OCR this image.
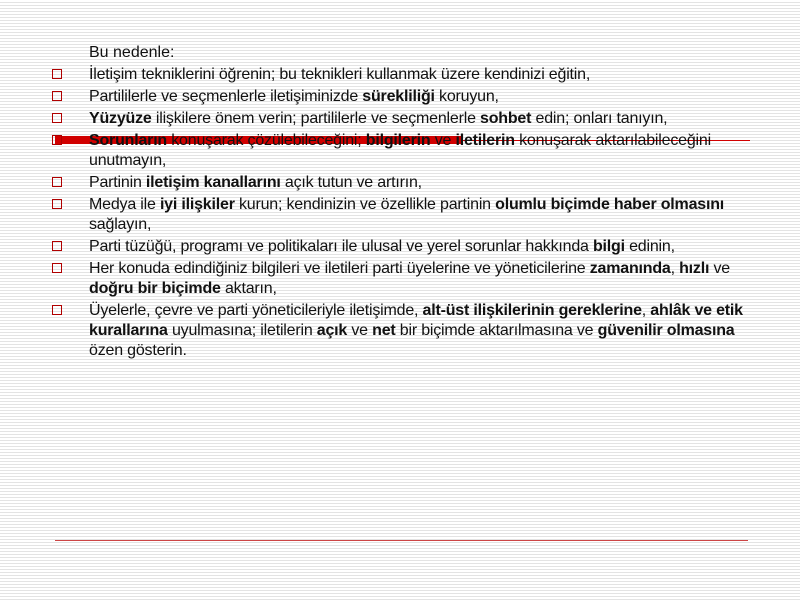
Bu nedenle:
İletişim tekniklerini öğrenin; bu teknikleri kullanmak üzere kendinizi eğitin,
Partililerle ve seçmenlerle iletişiminizde sürekliliği koruyun,
Yüzyüze ilişkilere önem verin; partililerle ve seçmenlerle sohbet edin; onları tanıyın,
Sorunların konuşarak çözülebileceğini; bilgilerin ve iletilerin konuşarak aktarılabileceğini unutmayın,
Partinin iletişim kanallarını açık tutun ve artırın,
Medya ile iyi ilişkiler kurun; kendinizin ve özellikle partinin olumlu biçimde haber olmasını sağlayın,
Parti tüzüğü, programı ve politikaları ile ulusal ve yerel sorunlar hakkında bilgi edinin,
Her konuda edindiğiniz bilgileri ve iletileri parti üyelerine ve yöneticilerine zamanında, hızlı ve doğru bir biçimde aktarın,
Üyelerle, çevre ve parti yöneticileriyle iletişimde, alt-üst ilişkilerinin gereklerine, ahlâk ve etik kurallarına uyulmasına; iletilerin açık ve net bir biçimde aktarılmasına ve güvenilir olmasına özen gösterin.
